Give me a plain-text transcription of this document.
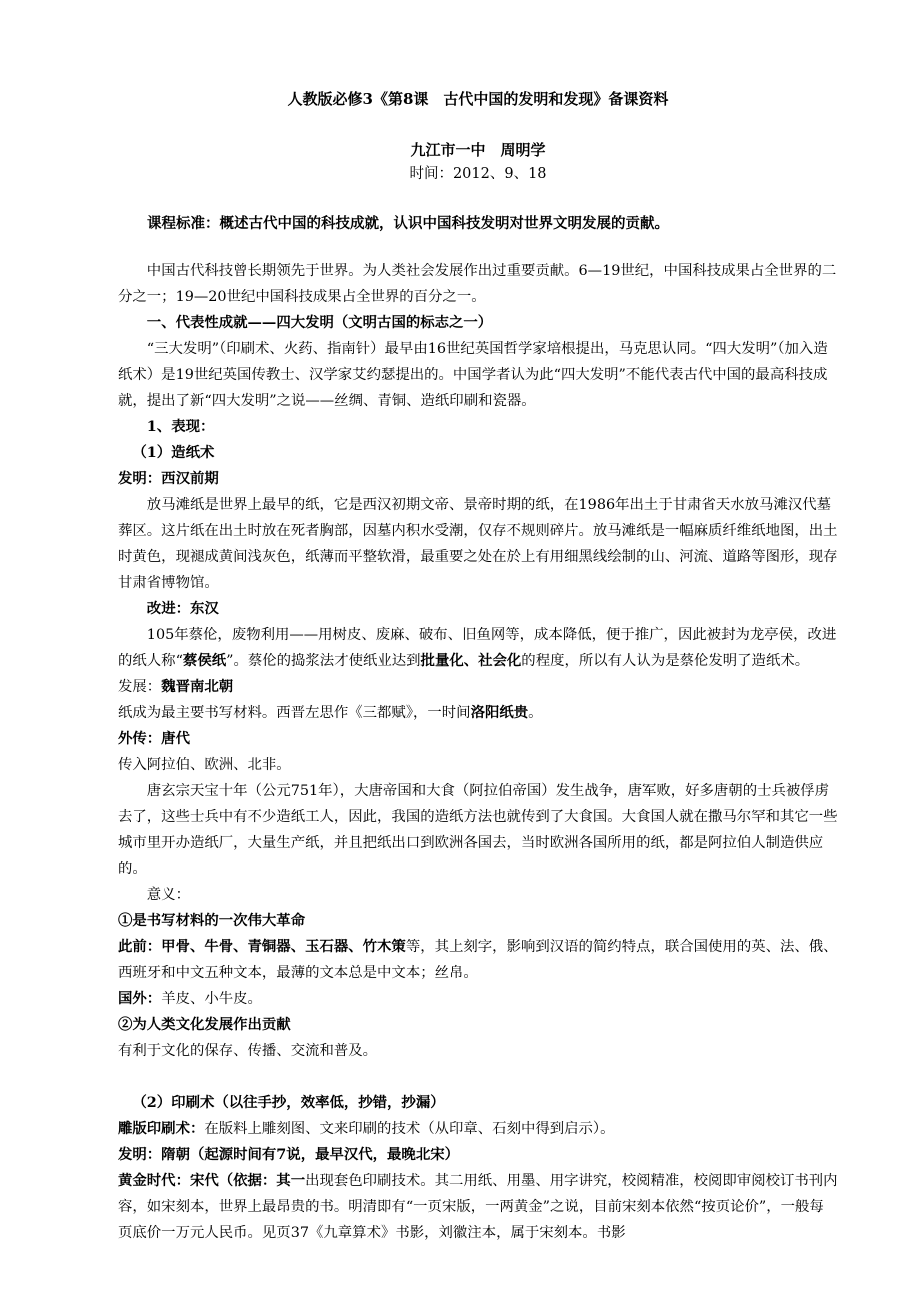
人教版必修3《第8课　古代中国的发明和发现》备课资料
九江市一中　周明学
时间：2012、9、18
课程标准：概述古代中国的科技成就，认识中国科技发明对世界文明发展的贡献。

中国古代科技曾长期领先于世界。为人类社会发展作出过重要贡献。6—19世纪，中国科技成果占全世界的二分之一；19—20世纪中国科技成果占全世界的百分之一。

一、代表性成就——四大发明（文明古国的标志之一）

“三大发明”（印刷术、火药、指南针）最早由16世纪英国哲学家培根提出，马克思认同。“四大发明”（加入造纸术）是19世纪英国传教士、汉学家艾约瑟提出的。中国学者认为此“四大发明”不能代表古代中国的最高科技成就，提出了新“四大发明”之说——丝绸、青铜、造纸印刷和瓷器。

1、表现：

（1）造纸术

发明：西汉前期

放马滩纸是世界上最早的纸，它是西汉初期文帝、景帝时期的纸，在1986年出土于甘肃省天水放马滩汉代墓葬区。这片纸在出土时放在死者胸部，因墓内积水受潮，仅存不规则碎片。放马滩纸是一幅麻质纤维纸地图，出土时黄色，现褪成黄间浅灰色，纸薄而平整软滑，最重要之处在於上有用细黑线绘制的山、河流、道路等图形，现存甘肃省博物馆。

改进：东汉

105年蔡伦，废物利用——用树皮、废麻、破布、旧鱼网等，成本降低，便于推广，因此被封为龙亭侯，改进的纸人称“蔡侯纸”。蔡伦的捣浆法才使纸业达到批量化、社会化的程度，所以有人认为是蔡伦发明了造纸术。

发展：魏晋南北朝

纸成为最主要书写材料。西晋左思作《三都赋》，一时间洛阳纸贵。

外传：唐代

传入阿拉伯、欧洲、北非。

唐玄宗天宝十年（公元751年），大唐帝国和大食（阿拉伯帝国）发生战争，唐军败，好多唐朝的士兵被俘虏去了，这些士兵中有不少造纸工人，因此，我国的造纸方法也就传到了大食国。大食国人就在撒马尔罕和其它一些城市里开办造纸厂，大量生产纸，并且把纸出口到欧洲各国去，当时欧洲各国所用的纸，都是阿拉伯人制造供应的。

意义：

①是书写材料的一次伟大革命

此前：甲骨、牛骨、青铜器、玉石器、竹木策等，其上刻字，影响到汉语的简约特点，联合国使用的英、法、俄、西班牙和中文五种文本，最薄的文本总是中文本；丝帛。

国外：羊皮、小牛皮。

②为人类文化发展作出贡献

有利于文化的保存、传播、交流和普及。

（2）印刷术（以往手抄，效率低，抄错，抄漏）

雕版印刷术：在版料上雕刻图、文来印刷的技术（从印章、石刻中得到启示）。

发明：隋朝（起源时间有7说，最早汉代，最晚北宋）

黄金时代：宋代（依据：其一出现套色印刷技术。其二用纸、用墨、用字讲究，校阅精准，校阅即审阅校订书刊内容，如宋刻本，世界上最昂贵的书。明清即有“一页宋版，一两黄金”之说，目前宋刻本依然“按页论价”，一般每页底价一万元人民币。见页37《九章算术》书影，刘徽注本，属于宋刻本。书影
